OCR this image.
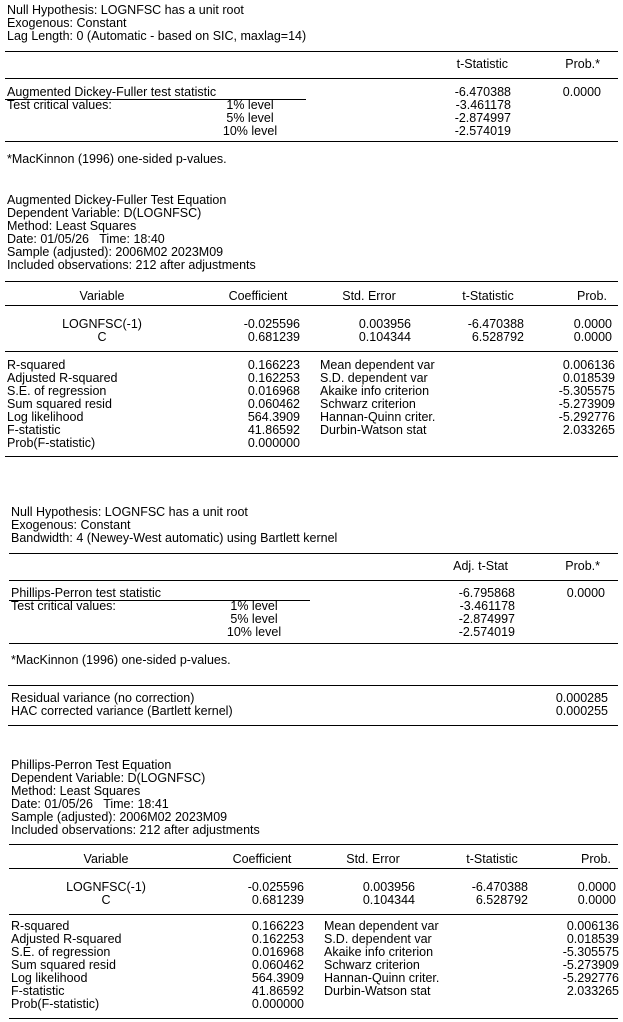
Null Hypothesis: LOGNFSC has a unit root
Exogenous: Constant
Lag Length: 0 (Automatic - based on SIC, maxlag=14)
t-Statistic	Prob.*
Augmented Dickey-Fuller test statistic	-6.470388	0.0000
Test critical values:	1% level	-3.461178
5% level	-2.874997
10% level	-2.574019
*MacKinnon (1996) one-sided p-values.
Augmented Dickey-Fuller Test Equation
Dependent Variable: D(LOGNFSC)
Method: Least Squares
Date: 01/05/26   Time: 18:40
Sample (adjusted): 2006M02 2023M09
Included observations: 212 after adjustments
Variable	Coefficient	Std. Error	t-Statistic	Prob.
LOGNFSC(-1)	-0.025596	0.003956	-6.470388	0.0000
C	0.681239	0.104344	6.528792	0.0000
R-squared	0.166223 Mean dependent var	0.006136
Adjusted R-squared	0.162253 S.D. dependent var	0.018539
S.E. of regression	0.016968 Akaike info criterion	-5.305575
Sum squared resid	0.060462 Schwarz criterion	-5.273909
Log likelihood	564.3909 Hannan-Quinn criter.	-5.292776
F-statistic	41.86592 Durbin-Watson stat	2.033265
Prob(F-statistic)	0.000000
Null Hypothesis: LOGNFSC has a unit root
Exogenous: Constant
Bandwidth: 4 (Newey-West automatic) using Bartlett kernel
Adj. t-Stat	Prob.*
Phillips-Perron test statistic	-6.795868	0.0000
Test critical values:	1% level	-3.461178
5% level	-2.874997
10% level	-2.574019
*MacKinnon (1996) one-sided p-values.
Residual variance (no correction)	0.000285
HAC corrected variance (Bartlett kernel)	0.000255
Phillips-Perron Test Equation
Dependent Variable: D(LOGNFSC)
Method: Least Squares
Date: 01/05/26   Time: 18:41
Sample (adjusted): 2006M02 2023M09
Included observations: 212 after adjustments
Variable	Coefficient	Std. Error	t-Statistic	Prob.
LOGNFSC(-1)	-0.025596	0.003956	-6.470388	0.0000
C	0.681239	0.104344	6.528792	0.0000
R-squared	0.166223 Mean dependent var	0.006136
Adjusted R-squared	0.162253 S.D. dependent var	0.018539
S.E. of regression	0.016968 Akaike info criterion	-5.305575
Sum squared resid	0.060462 Schwarz criterion	-5.273909
Log likelihood	564.3909 Hannan-Quinn criter.	-5.292776
F-statistic	41.86592 Durbin-Watson stat	2.033265
Prob(F-statistic)	0.000000
